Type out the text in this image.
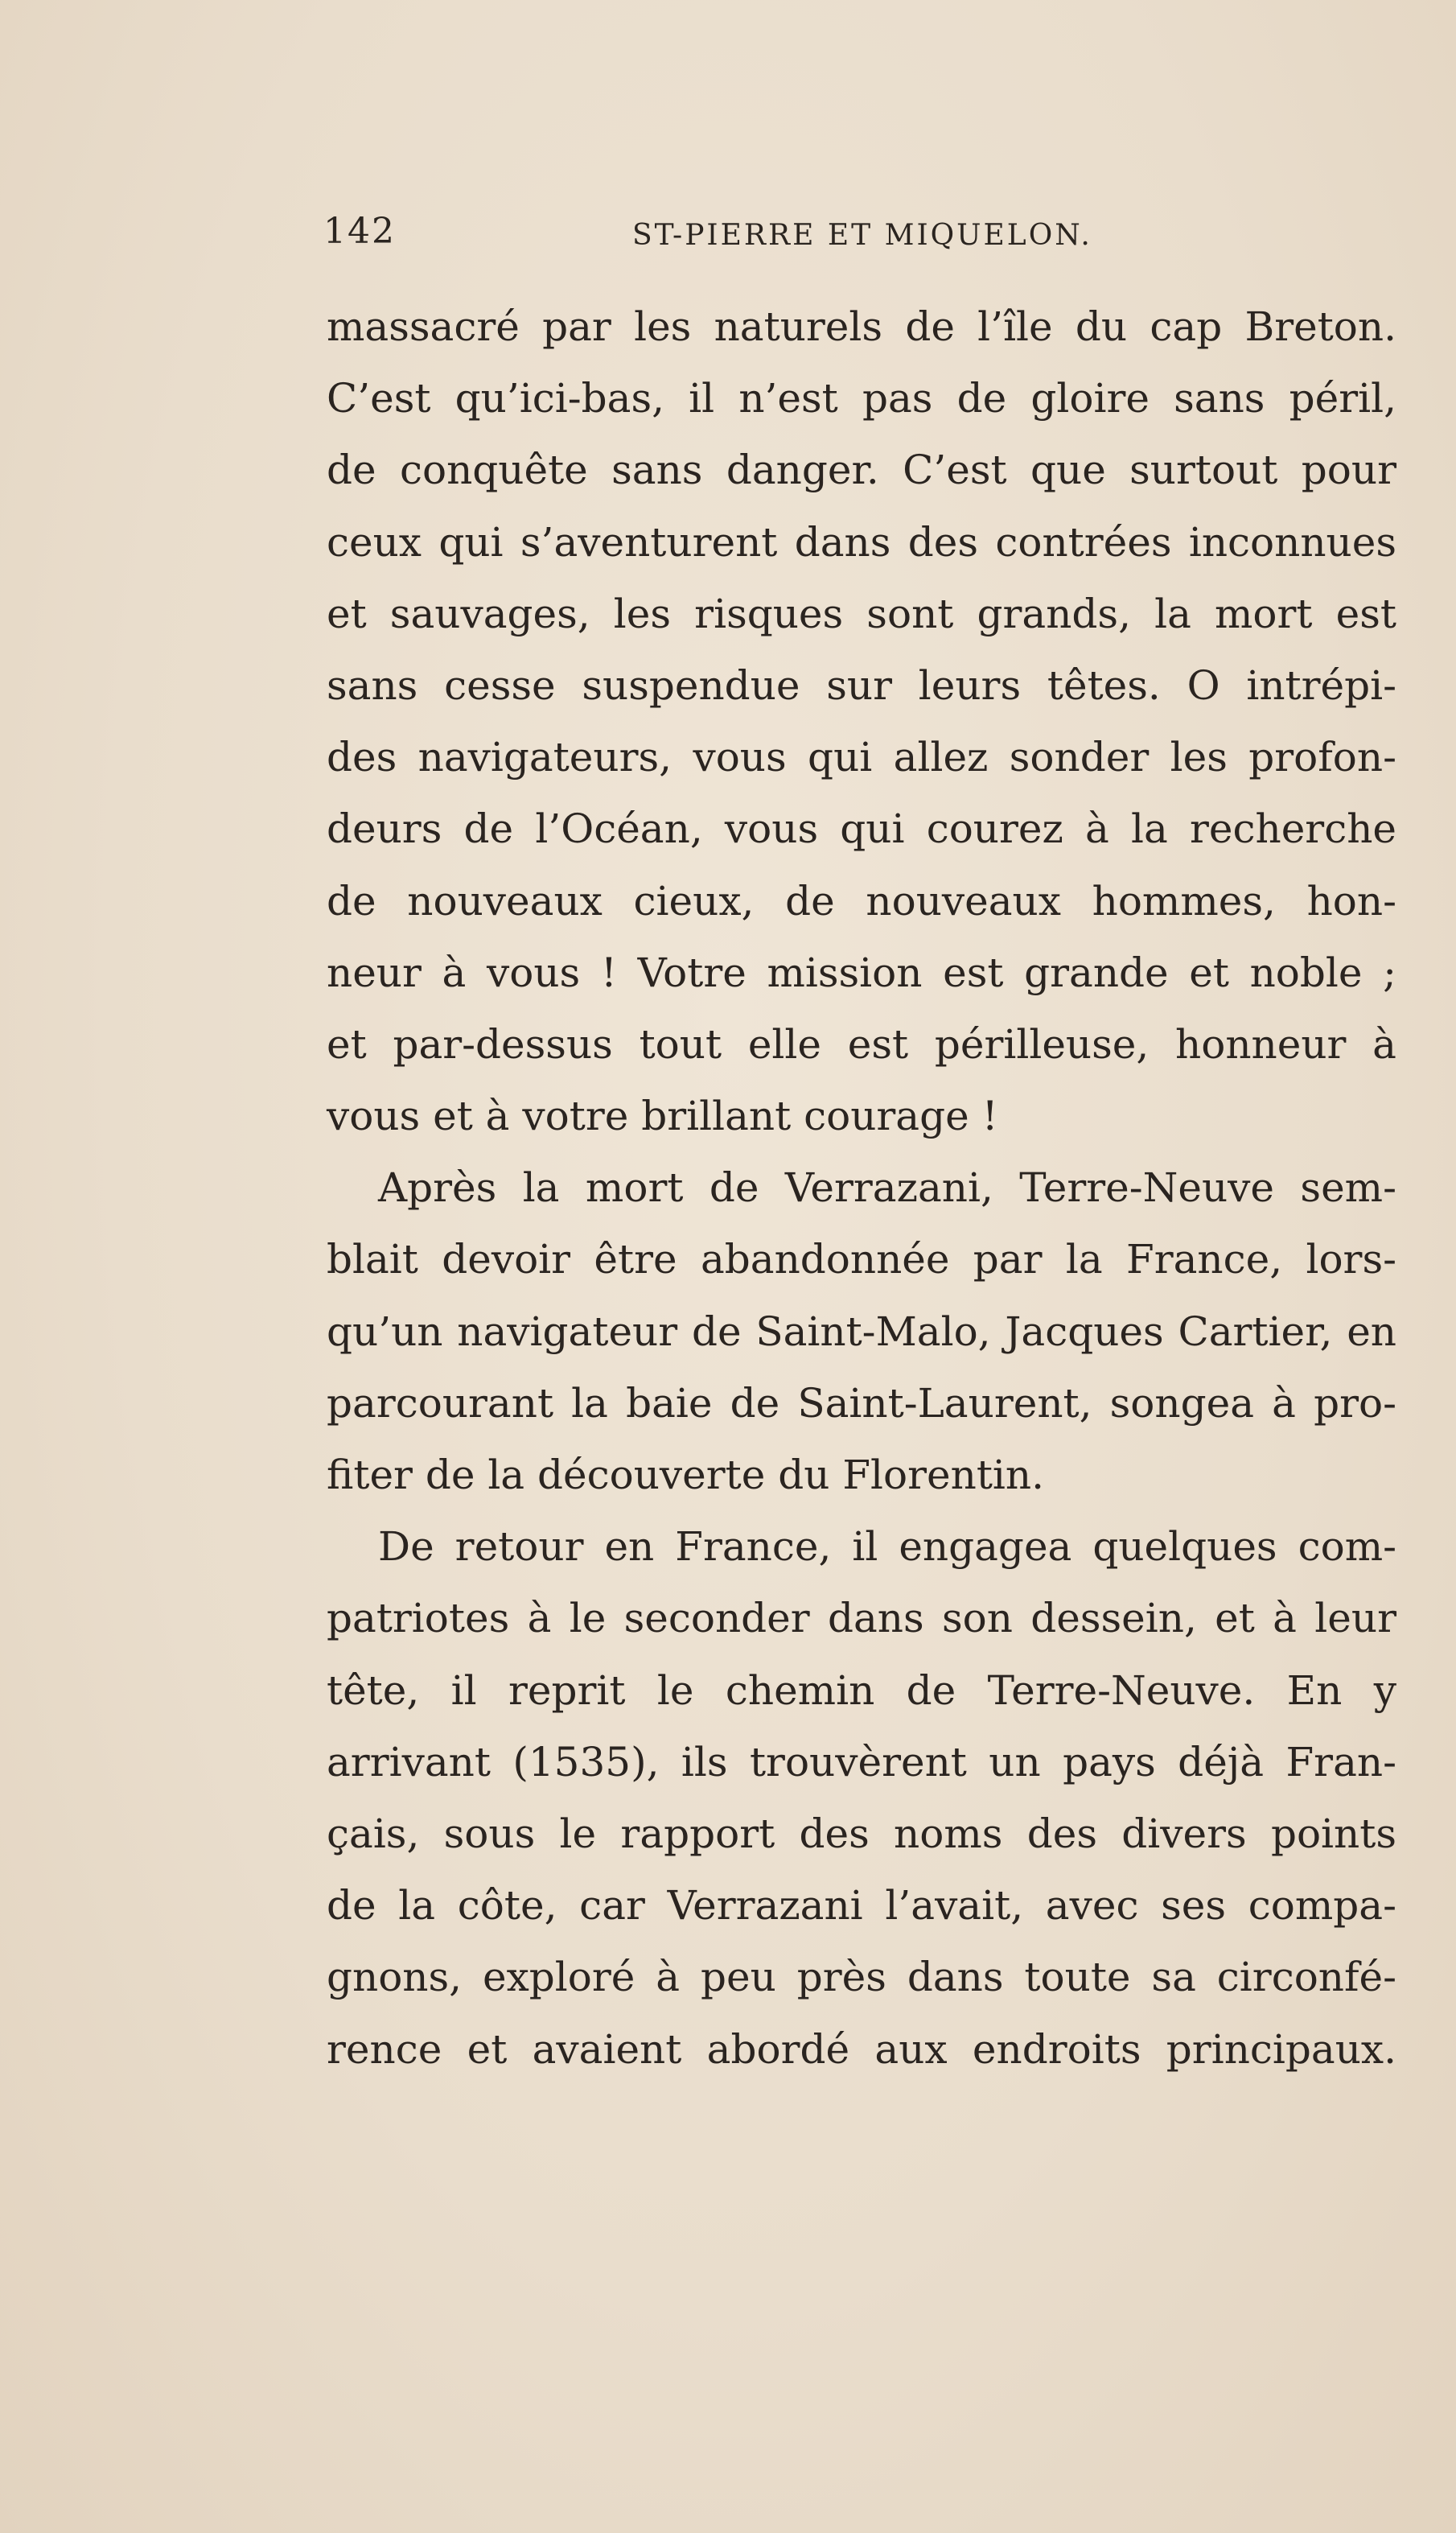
142	ST-PIERRE ET MIQUELON.
massacré par les naturels de l’île du cap Breton.
C’est qu’ici-bas, il n’est pas de gloire sans péril,
de conquête sans danger. C’est que surtout pour
ceux qui s’aventurent dans des contrées inconnues
et sauvages, les risques sont grands, la mort est
sans cesse suspendue sur leurs têtes. O intrépi-
des navigateurs, vous qui allez sonder les profon-
deurs de l’Océan, vous qui courez à la recherche
de nouveaux cieux, de nouveaux hommes, hon-
neur à vous ! Votre mission est grande et noble ;
et par-dessus tout elle est périlleuse, honneur à
vous et à votre brillant courage !
Après la mort de Verrazani, Terre-Neuve sem-
blait devoir être abandonnée par la France, lors-
qu’un navigateur de Saint-Malo, Jacques Cartier, en
parcourant la baie de Saint-Laurent, songea à pro-
fiter de la découverte du Florentin.
De retour en France, il engagea quelques com-
patriotes à le seconder dans son dessein, et à leur
tête, il reprit le chemin de Terre-Neuve. En y
arrivant (1535), ils trouvèrent un pays déjà Fran-
çais, sous le rapport des noms des divers points
de la côte, car Verrazani l’avait, avec ses compa-
gnons, exploré à peu près dans toute sa circonfé-
rence et avaient abordé aux endroits principaux.
